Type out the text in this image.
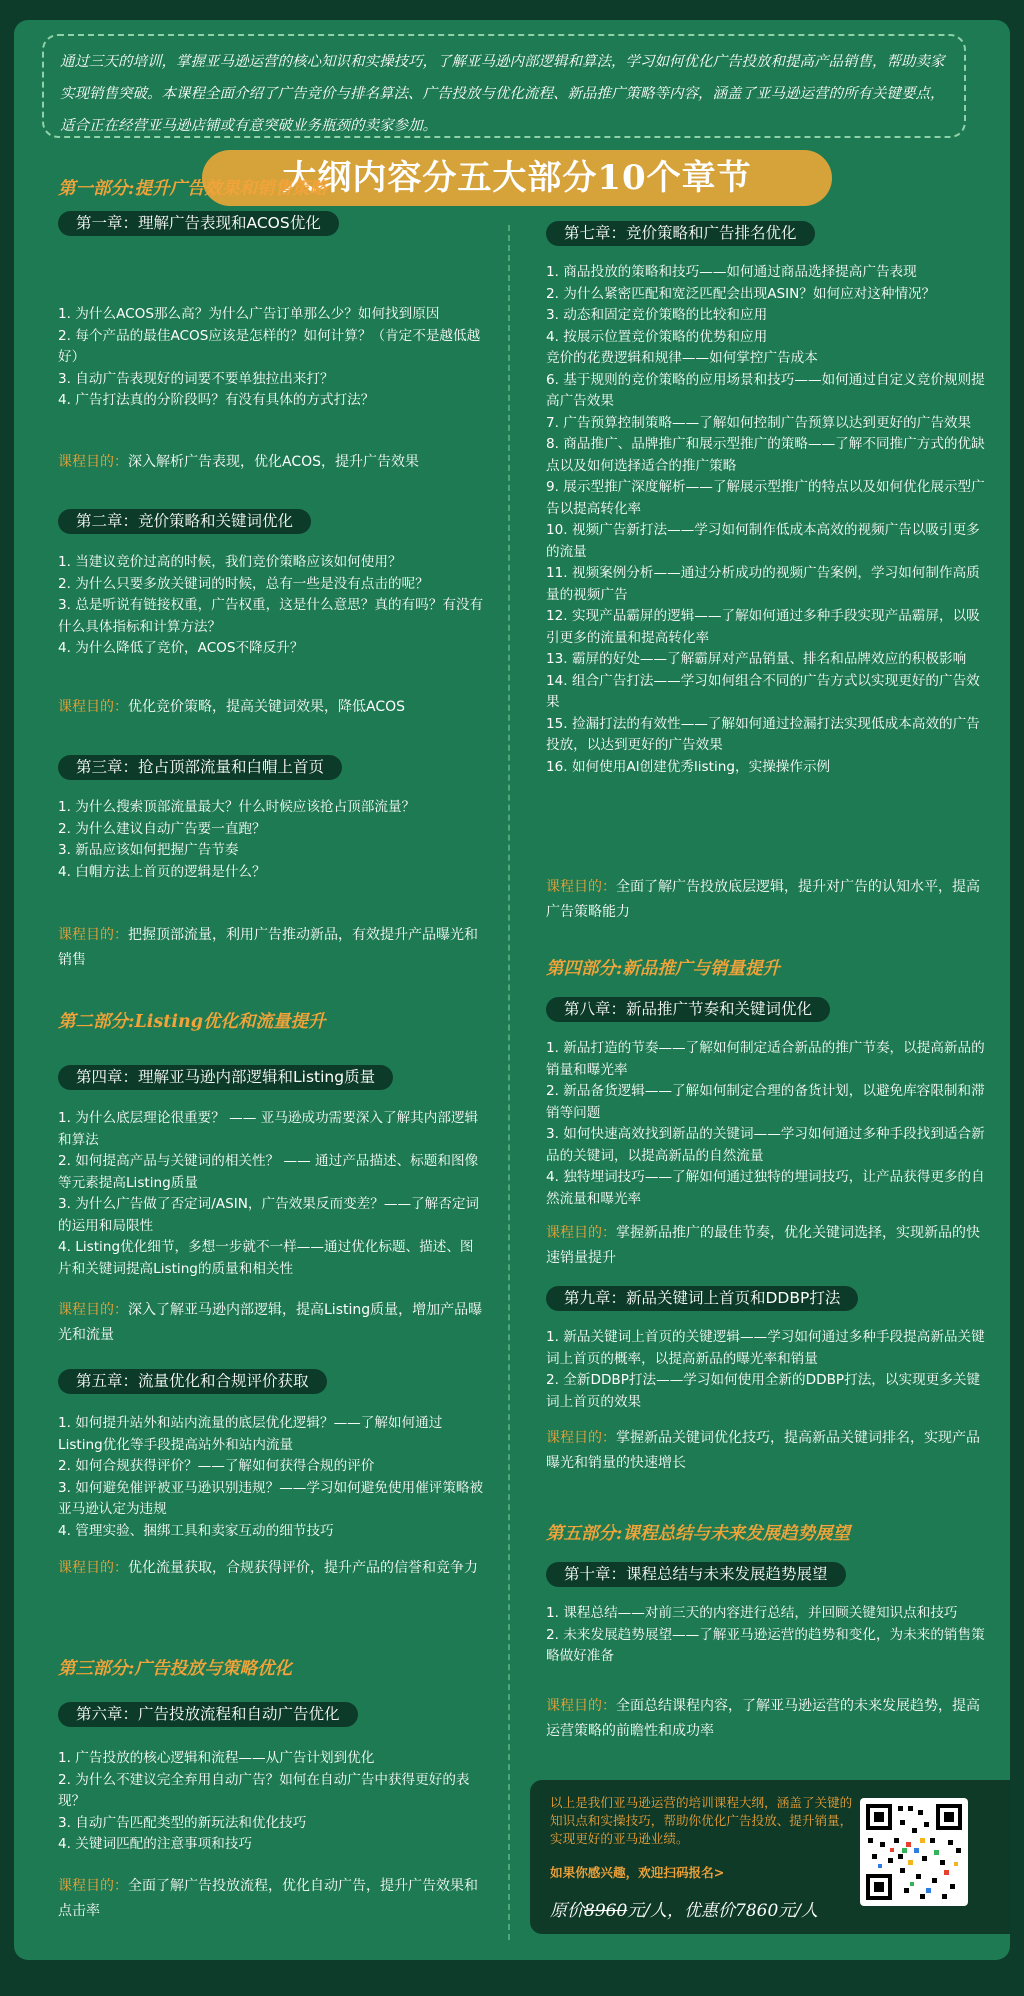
通过三天的培训，掌握亚马逊运营的核心知识和实操技巧，了解亚马逊内部逻辑和算法，学习如何优化广告投放和提高产品销售，帮助卖家实现销售突破。本课程全面介绍了广告竞价与排名算法、广告投放与优化流程、新品推广策略等内容，涵盖了亚马逊运营的所有关键要点，适合正在经营亚马逊店铺或有意突破业务瓶颈的卖家参加。
大纲内容分五大部分10个章节
第一部分:提升广告效果和销售策略
第一章：理解广告表现和ACOS优化
1. 为什么ACOS那么高？为什么广告订单那么少？如何找到原因
2. 每个产品的最佳ACOS应该是怎样的？如何计算？（肯定不是越低越好）
3. 自动广告表现好的词要不要单独拉出来打？
4. 广告打法真的分阶段吗？有没有具体的方式打法？
课程目的：深入解析广告表现，优化ACOS，提升广告效果
第二章：竞价策略和关键词优化
1. 当建议竞价过高的时候，我们竞价策略应该如何使用？
2. 为什么只要多放关键词的时候，总有一些是没有点击的呢？
3. 总是听说有链接权重，广告权重，这是什么意思？真的有吗？有没有什么具体指标和计算方法？
4. 为什么降低了竞价，ACOS不降反升？
课程目的：优化竞价策略，提高关键词效果，降低ACOS
第三章：抢占顶部流量和白帽上首页
1. 为什么搜索顶部流量最大？什么时候应该抢占顶部流量？
2. 为什么建议自动广告要一直跑？
3. 新品应该如何把握广告节奏
4. 白帽方法上首页的逻辑是什么？
课程目的：把握顶部流量，利用广告推动新品，有效提升产品曝光和销售
第二部分:Listing优化和流量提升
第四章：理解亚马逊内部逻辑和Listing质量
1. 为什么底层理论很重要？ —— 亚马逊成功需要深入了解其内部逻辑和算法
2. 如何提高产品与关键词的相关性？ —— 通过产品描述、标题和图像等元素提高Listing质量
3. 为什么广告做了否定词/ASIN，广告效果反而变差？——了解否定词的运用和局限性
4. Listing优化细节，多想一步就不一样——通过优化标题、描述、图片和关键词提高Listing的质量和相关性
课程目的：深入了解亚马逊内部逻辑，提高Listing质量，增加产品曝光和流量
第五章：流量优化和合规评价获取
1. 如何提升站外和站内流量的底层优化逻辑？——了解如何通过Listing优化等手段提高站外和站内流量
2. 如何合规获得评价？——了解如何获得合规的评价
3. 如何避免催评被亚马逊识别违规？——学习如何避免使用催评策略被亚马逊认定为违规
4. 管理实验、捆绑工具和卖家互动的细节技巧
课程目的：优化流量获取，合规获得评价，提升产品的信誉和竞争力
第三部分:广告投放与策略优化
第六章：广告投放流程和自动广告优化
1. 广告投放的核心逻辑和流程——从广告计划到优化
2. 为什么不建议完全弃用自动广告？如何在自动广告中获得更好的表现？
3. 自动广告匹配类型的新玩法和优化技巧
4. 关键词匹配的注意事项和技巧
课程目的：全面了解广告投放流程，优化自动广告，提升广告效果和点击率
第七章：竞价策略和广告排名优化
1. 商品投放的策略和技巧——如何通过商品选择提高广告表现
2. 为什么紧密匹配和宽泛匹配会出现ASIN？如何应对这种情况？
3. 动态和固定竞价策略的比较和应用
4. 按展示位置竞价策略的优势和应用
竞价的花费逻辑和规律——如何掌控广告成本
6. 基于规则的竞价策略的应用场景和技巧——如何通过自定义竞价规则提高广告效果
7. 广告预算控制策略——了解如何控制广告预算以达到更好的广告效果
8. 商品推广、品牌推广和展示型推广的策略——了解不同推广方式的优缺点以及如何选择适合的推广策略
9. 展示型推广深度解析——了解展示型推广的特点以及如何优化展示型广告以提高转化率
10. 视频广告新打法——学习如何制作低成本高效的视频广告以吸引更多的流量
11. 视频案例分析——通过分析成功的视频广告案例，学习如何制作高质量的视频广告
12. 实现产品霸屏的逻辑——了解如何通过多种手段实现产品霸屏，以吸引更多的流量和提高转化率
13. 霸屏的好处——了解霸屏对产品销量、排名和品牌效应的积极影响
14. 组合广告打法——学习如何组合不同的广告方式以实现更好的广告效果
15. 捡漏打法的有效性——了解如何通过捡漏打法实现低成本高效的广告投放，以达到更好的广告效果
16. 如何使用AI创建优秀listing，实操操作示例
课程目的：全面了解广告投放底层逻辑，提升对广告的认知水平，提高广告策略能力
第四部分:新品推广与销量提升
第八章：新品推广节奏和关键词优化
1. 新品打造的节奏——了解如何制定适合新品的推广节奏，以提高新品的销量和曝光率
2. 新品备货逻辑——了解如何制定合理的备货计划，以避免库容限制和滞销等问题
3. 如何快速高效找到新品的关键词——学习如何通过多种手段找到适合新品的关键词，以提高新品的自然流量
4. 独特埋词技巧——了解如何通过独特的埋词技巧，让产品获得更多的自然流量和曝光率
课程目的：掌握新品推广的最佳节奏，优化关键词选择，实现新品的快速销量提升
第九章：新品关键词上首页和DDBP打法
1. 新品关键词上首页的关键逻辑——学习如何通过多种手段提高新品关键词上首页的概率，以提高新品的曝光率和销量
2. 全新DDBP打法——学习如何使用全新的DDBP打法，以实现更多关键词上首页的效果
课程目的：掌握新品关键词优化技巧，提高新品关键词排名，实现产品曝光和销量的快速增长
第五部分:课程总结与未来发展趋势展望
第十章：课程总结与未来发展趋势展望
1. 课程总结——对前三天的内容进行总结，并回顾关键知识点和技巧
2. 未来发展趋势展望——了解亚马逊运营的趋势和变化，为未来的销售策略做好准备
课程目的：全面总结课程内容，了解亚马逊运营的未来发展趋势，提高运营策略的前瞻性和成功率
以上是我们亚马逊运营的培训课程大纲，涵盖了关键的知识点和实操技巧，帮助你优化广告投放、提升销量，实现更好的亚马逊业绩。
如果你感兴趣，欢迎扫码报名>
原价8960元/人，优惠价7860元/人
